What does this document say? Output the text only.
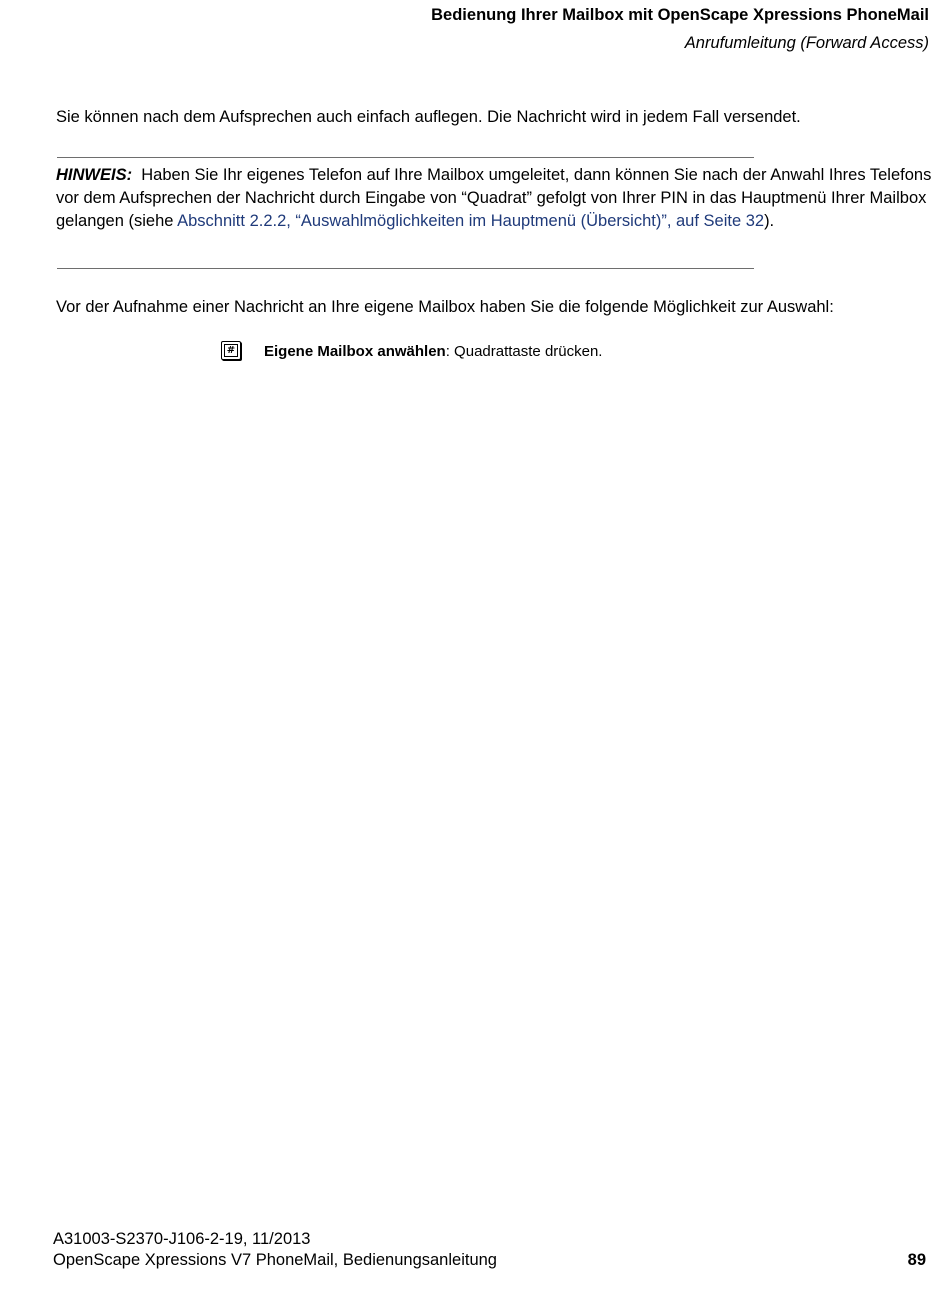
Bedienung Ihrer Mailbox mit OpenScape Xpressions PhoneMail
Anrufumleitung (Forward Access)
Sie können nach dem Aufsprechen auch einfach auflegen. Die Nachricht wird in jedem Fall versendet.
HINWEIS: Haben Sie Ihr eigenes Telefon auf Ihre Mailbox umgeleitet, dann können Sie nach der Anwahl Ihres Telefons vor dem Aufsprechen der Nachricht durch Eingabe von “Quadrat” gefolgt von Ihrer PIN in das Hauptmenü Ihrer Mailbox gelangen (siehe Abschnitt 2.2.2, “Auswahlmöglichkeiten im Hauptmenü (Übersicht)”, auf Seite 32).
Vor der Aufnahme einer Nachricht an Ihre eigene Mailbox haben Sie die folgende Möglichkeit zur Auswahl:
# Eigene Mailbox anwählen: Quadrattaste drücken.
A31003-S2370-J106-2-19, 11/2013
OpenScape Xpressions V7 PhoneMail, Bedienungsanleitung	89
